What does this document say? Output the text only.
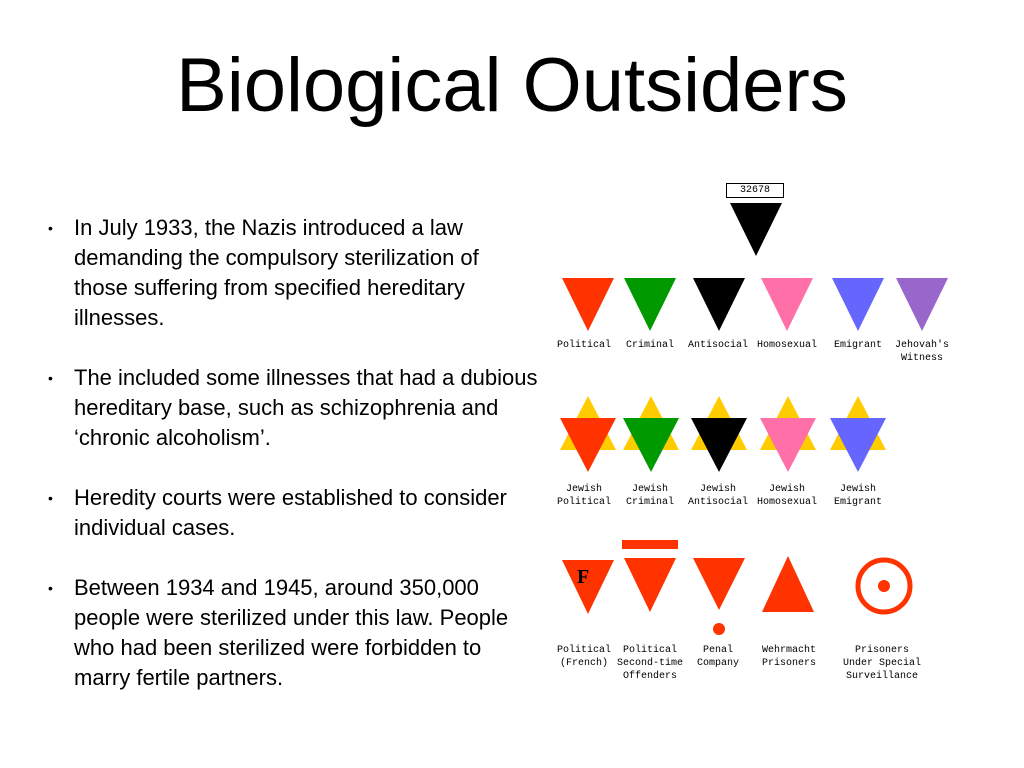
Biological Outsiders
• In July 1933, the Nazis introduced a law demanding the compulsory sterilization of those suffering from specified hereditary illnesses.
• The included some illnesses that had a dubious hereditary base, such as schizophrenia and ‘chronic alcoholism’.
• Heredity courts were established to consider individual cases.
• Between 1934 and 1945, around 350,000 people were sterilized under this law. People who had been sterilized were forbidden to marry fertile partners.
32678
F
Political	Criminal	Antisocial Homosexual	Emigrant	Jehovah's
Witness
Jewish
Political
Jewish
Criminal
Jewish
Antisocial
Jewish
Homosexual
Jewish
Emigrant
Political
(French)
Political
Second-time
Offenders
Penal
Company
Wehrmacht
Prisoners
Prisoners
Under Special
Surveillance
